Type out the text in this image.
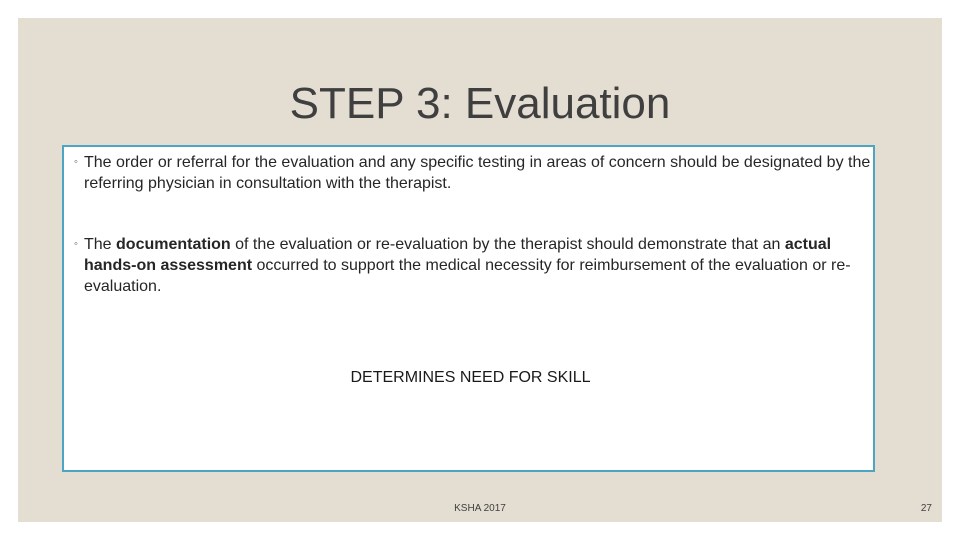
STEP 3: Evaluation
◦ The order or referral for the evaluation and any specific testing in areas of concern should be designated by the referring physician in consultation with the therapist.
◦ The documentation of the evaluation or re-evaluation by the therapist should demonstrate that an actual hands-on assessment occurred to support the medical necessity for reimbursement of the evaluation or re-evaluation.
DETERMINES NEED FOR SKILL
KSHA 2017	27
